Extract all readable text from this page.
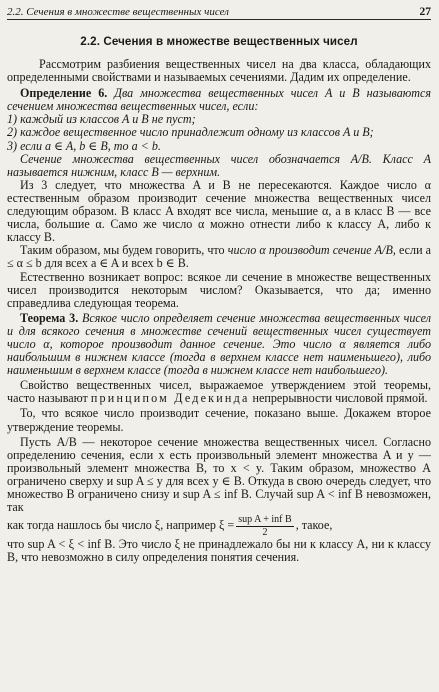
2.2. Сечения в множестве вещественных чисел	27
2.2. Сечения в множестве вещественных чисел

Рассмотрим разбиения вещественных чисел на два класса, обладающих определенными свойствами и называемых сечениями. Дадим их определение.

Определение 6. Два множества вещественных чисел A и B называются сечением множества вещественных чисел, если:

1) каждый из классов A и B не пуст;

2) каждое вещественное число принадлежит одному из классов A и B;

3) если a ∈ A, b ∈ B, то a < b.

Сечение множества вещественных чисел обозначается A/B. Класс A называется нижним, класс B — верхним.

Из 3 следует, что множества A и B не пересекаются. Каждое число α естественным образом производит сечение множества вещественных чисел следующим образом. В класс A входят все числа, меньшие α, а в класс B — все числа, большие α. Само же число α можно отнести либо к классу A, либо к классу B.

Таким образом, мы будем говорить, что число α производит сечение A/B, если a ≤ α ≤ b для всех a ∈ A и всех b ∈ B.

Естественно возникает вопрос: всякое ли сечение в множестве вещественных чисел производится некоторым числом? Оказывается, что да; именно справедлива следующая теорема.

Теорема 3. Всякое число определяет сечение множества вещественных чисел и для всякого сечения в множестве сечений вещественных чисел существует число α, которое производит данное сечение. Это число α является либо наибольшим в нижнем классе (тогда в верхнем классе нет наименьшего), либо наименьшим в верхнем классе (тогда в нижнем классе нет наибольшего).

Свойство вещественных чисел, выражаемое утверждением этой теоремы, часто называют принципом Дедекинда непрерывности числовой прямой.

То, что всякое число производит сечение, показано выше. Докажем второе утверждение теоремы.

Пусть A/B — некоторое сечение множества вещественных чисел. Согласно определению сечения, если x есть произвольный элемент множества A и y — произвольный элемент множества B, то x < y. Таким образом, множество A ограничено сверху и sup A ≤ y для всех y ∈ B. Откуда в свою очередь следует, что множество B ограничено снизу и sup A ≤ inf B. Случай sup A < inf B невозможен, так

как тогда нашлось бы число ξ, например $\xi = \frac{\text{sup A + inf B}}{2}$ , такое,

что sup A < ξ < inf B. Это число ξ не принадлежало бы ни к классу A, ни к классу B, что невозможно в силу определения понятия сечения.
